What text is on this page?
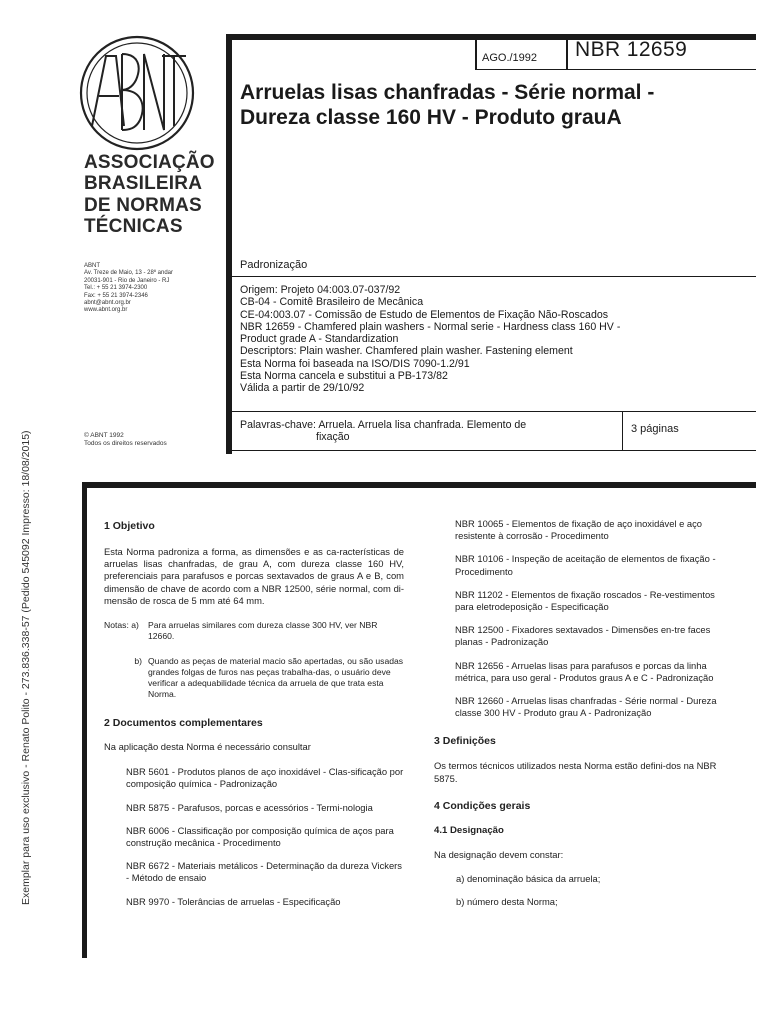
Exemplar para uso exclusivo - Renato Polito - 273.836.338-57 (Pedido 545092 Impresso: 18/08/2015)
ASSOCIAÇÃO
BRASILEIRA
DE NORMAS
TÉCNICAS
ABNT
Av. Treze de Maio, 13 - 28º andar
20031-901 - Rio de Janeiro - RJ
Tel.: + 55 21 3974-2300
Fax: + 55 21 3974-2346
abnt@abnt.org.br
www.abnt.org.br
© ABNT 1992
Todos os direitos reservados
AGO./1992 NBR 12659
Arruelas lisas chanfradas - Série normal -
Dureza classe 160 HV - Produto grauA
Padronização
Origem: Projeto 04:003.07-037/92
CB-04 - Comitê Brasileiro de Mecânica
CE-04:003.07 - Comissão de Estudo de Elementos de Fixação Não-Roscados
NBR 12659 - Chamfered plain washers - Normal serie - Hardness class 160 HV -
Product grade A - Standardization
Descriptors: Plain washer. Chamfered plain washer. Fastening element
Esta Norma foi baseada na ISO/DIS 7090-1.2/91
Esta Norma cancela e substitui a PB-173/82
Válida a partir de 29/10/92
Palavras-chave: Arruela. Arruela lisa chanfrada. Elemento de
fixação
3 páginas
1 Objetivo

Esta Norma padroniza a forma, as dimensões e as ca-racterísticas de arruelas lisas chanfradas, de grau A, com dureza classe 160 HV, preferenciais para parafusos e porcas sextavados de graus A e B, com dimensão de chave de acordo com a NBR 12500, série normal, com di-mensão de rosca de 5 mm até 64 mm.

Notas: a)	Para arruelas similares com dureza classe 300 HV, ver NBR 12660.
b) Quando as peças de material macio são apertadas, ou são usadas grandes folgas de furos nas peças trabalha-das, o usuário deve verificar a adequabilidade técnica da arruela de que trata esta Norma.
2 Documentos complementares

Na aplicação desta Norma é necessário consultar

NBR 5601 - Produtos planos de aço inoxidável - Clas-sificação por composição química - Padronização

NBR 5875 - Parafusos, porcas e acessórios - Termi-nologia

NBR 6006 - Classificação por composição química de aços para construção mecânica - Procedimento

NBR 6672 - Materiais metálicos - Determinação da dureza Vickers - Método de ensaio

NBR 9970 - Tolerâncias de arruelas - Especificação

NBR 10065 - Elementos de fixação de aço inoxidável e aço resistente à corrosão - Procedimento

NBR 10106 - Inspeção de aceitação de elementos de fixação - Procedimento

NBR 11202 - Elementos de fixação roscados - Re-vestimentos para eletrodeposição - Especificação

NBR 12500 - Fixadores sextavados - Dimensões en-tre faces planas - Padronização

NBR 12656 - Arruelas lisas para parafusos e porcas da linha métrica, para uso geral - Produtos graus A e C - Padronização

NBR 12660 - Arruelas lisas chanfradas - Série normal - Dureza classe 300 HV - Produto grau A - Padronização

3 Definições

Os termos técnicos utilizados nesta Norma estão defini-dos na NBR 5875.

4 Condições gerais
4.1 Designação

Na designação devem constar:

a) denominação básica da arruela;

b) número desta Norma;
